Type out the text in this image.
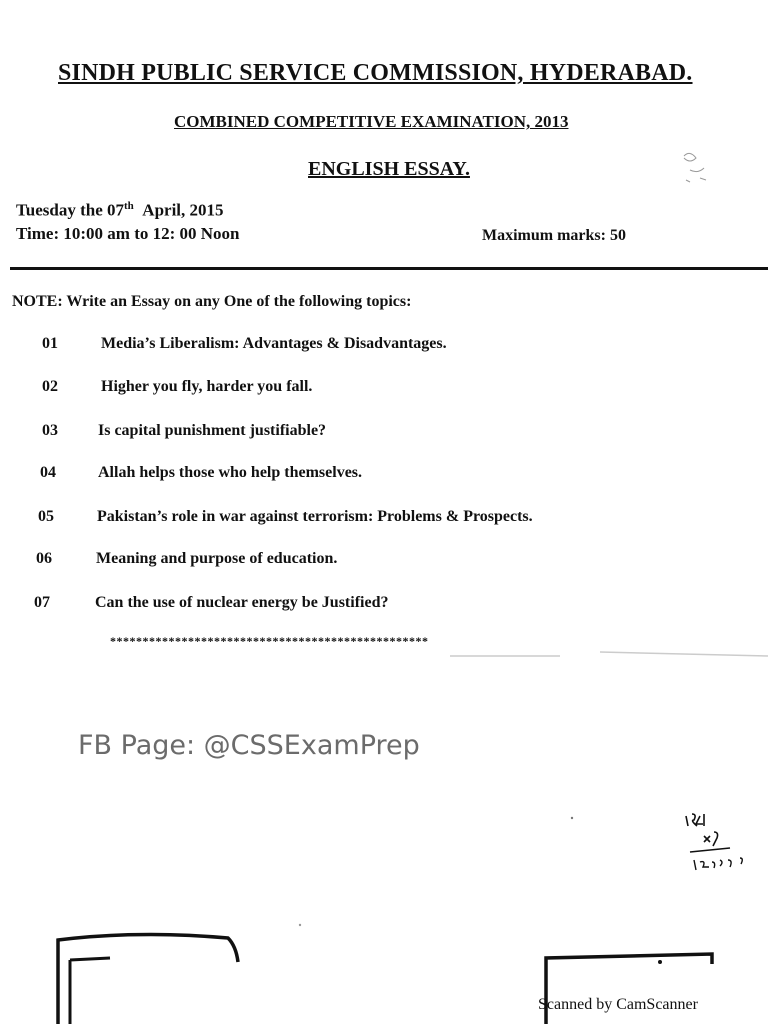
SINDH PUBLIC SERVICE COMMISSION, HYDERABAD.
COMBINED COMPETITIVE EXAMINATION, 2013
ENGLISH ESSAY.
Tuesday the 07th April, 2015
Time: 10:00 am to 12: 00 Noon	Maximum marks: 50
NOTE: Write an Essay on any One of the following topics:
01	Media’s Liberalism: Advantages & Disadvantages.
02	Higher you fly, harder you fall.
03	Is capital punishment justifiable?
04	Allah helps those who help themselves.
05	Pakistan’s role in war against terrorism: Problems & Prospects.
06	Meaning and purpose of education.
07	Can the use of nuclear energy be Justified?
*************************************************
FB Page: @CSSExamPrep
Scanned by CamScanner
